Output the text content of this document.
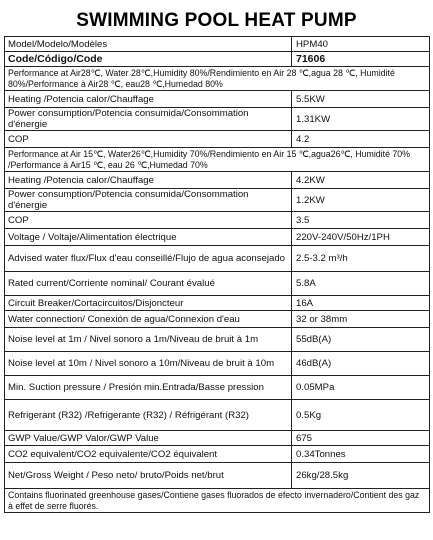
SWIMMING POOL HEAT PUMP
Model/Modelo/Modèles	HPM40
Code/Código/Code	71606
Performance at Air28℃, Water 28℃,Humidity 80%/Rendimiento en Air 28 ℃,agua 28 ℃, Humidité 80%/Performance à Air28 ℃, eau28 ℃,Humedad 80%	
Heating /Potencia calor/Chauffage	5.5KW
Power consumption/Potencia consumida/Consommation d'énergie	1.31KW
COP	4.2
Performance at Air 15℃, Water26℃,Humidity 70%/Rendimiento en Air 15 ℃,agua26℃, Humidité 70% /Performance à Air15 ℃, eau 26 ℃,Humedad 70%	
Heating /Potencia calor/Chauffage	4.2KW
Power consumption/Potencia consumida/Consommation d'énergie	1.2KW
COP	3.5
Voltage / Voltaje/Alimentation électrique	220V-240V/50Hz/1PH
Advised water flux/Flux d'eau conseillé/Flujo de agua aconsejado	2.5-3.2 m³/h
Rated current/Corriente nominal/ Courant évalué	5.8A
Circuit Breaker/Cortacircuitos/Disjoncteur	16A
Water connection/ Conexión de agua/Connexion d'eau	32 or 38mm
Noise level at 1m / Nivel sonoro a 1m/Niveau de bruit à 1m	55dB(A)
Noise level at 10m / Nivel sonoro a 10m/Niveau de bruit à 10m	46dB(A)
Min. Suction pressure / Presión min.Entrada/Basse pression	0.05MPa
Refrigerant (R32) /Refrigerante (R32) / Réfrigérant (R32)	0.5Kg
GWP Value/GWP Valor/GWP Value	675
CO2 equivalent/CO2 equivalente/CO2 équivalent	0.34Tonnes
Net/Gross Weight / Peso neto/ bruto/Poids net/brut	26kg/28.5kg
Contains fluorinated greenhouse gases/Contiene gases fluorados de efecto invernadero/Contient des gaz à effet de serre fluorés.	
